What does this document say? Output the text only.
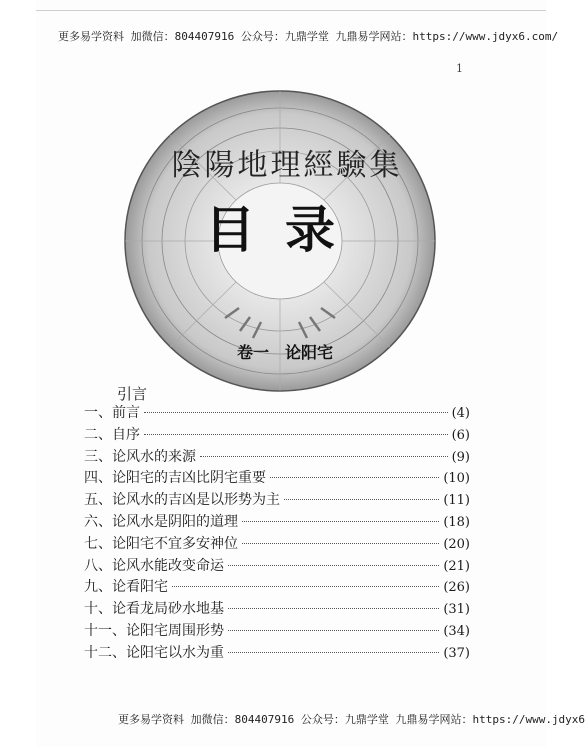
更多易学资料 加微信：804407916 公众号：九鼎学堂 九鼎易学网站：https://www.jdyx6.com/
1
陰陽地理經驗集
目录
卷一　论阳宅
引言
一、前言	(4)
二、自序	(6)
三、论风水的来源	(9)
四、论阳宅的吉凶比阴宅重要	(10)
五、论风水的吉凶是以形势为主	(11)
六、论风水是阴阳的道理	(18)
七、论阳宅不宜多安神位	(20)
八、论风水能改变命运	(21)
九、论看阳宅	(26)
十、论看龙局砂水地基	(31)
十一、论阳宅周围形势	(34)
十二、论阳宅以水为重	(37)
更多易学资料 加微信：804407916 公众号：九鼎学堂 九鼎易学网站：https://www.jdyx6
